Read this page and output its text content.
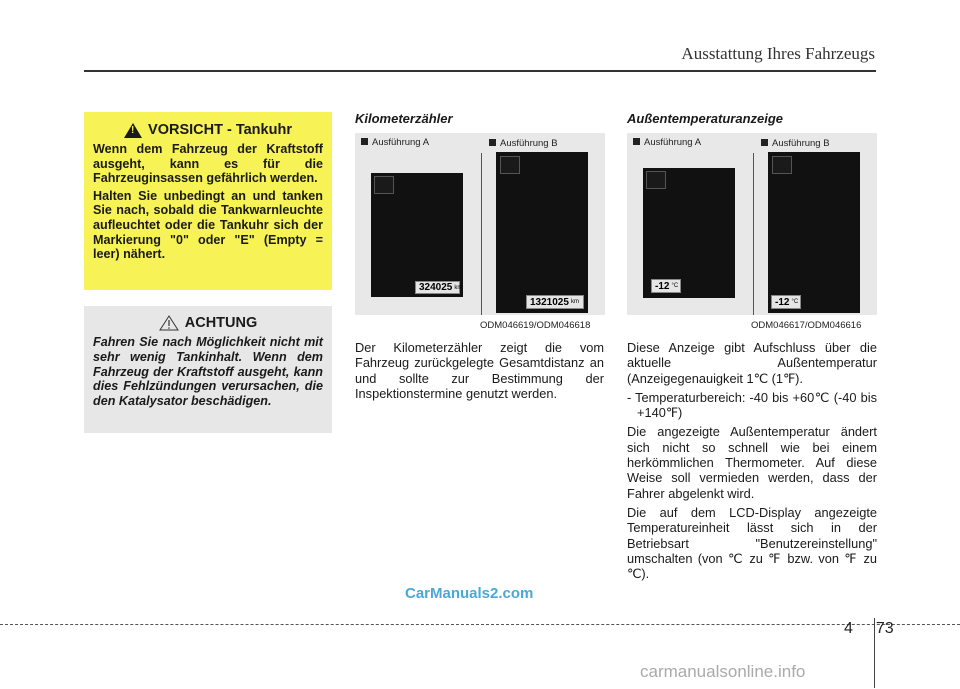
Ausstattung Ihres Fahrzeugs
! VORSICHT - Tankuhr

Wenn dem Fahrzeug der Kraftstoff ausgeht, kann es für die Fahrzeuginsassen gefährlich werden.

Halten Sie unbedingt an und tanken Sie nach, sobald die Tankwarnleuchte aufleuchtet oder die Tankuhr sich der Markierung "0" oder "E" (Empty = leer) nähert.

ACHTUNG

Fahren Sie nach Möglichkeit nicht mit sehr wenig Tankinhalt. Wenn dem Fahrzeug der Kraftstoff ausgeht, kann dies Fehlzündungen verursachen, die den Katalysator beschädigen.

Kilometerzähler
Ausführung A	Ausführung B
324025 km
1321025 km
ODM046619/ODM046618

Der Kilometerzähler zeigt die vom Fahrzeug zurückgelegte Gesamtdistanz an und sollte zur Bestimmung der Inspektionstermine genutzt werden.

Außentemperaturanzeige
Ausführung A	Ausführung B
-12 °C
-12 °C
ODM046617/ODM046616

Diese Anzeige gibt Aufschluss über die aktuelle Außentemperatur (Anzeigegenauigkeit 1℃ (1℉).

- Temperaturbereich: -40 bis +60℃ (-40 bis +140℉)

Die angezeigte Außentemperatur ändert sich nicht so schnell wie bei einem herkömmlichen Thermometer. Auf diese Weise soll vermieden werden, dass der Fahrer abgelenkt wird.

Die auf dem LCD-Display angezeigte Temperatureinheit lässt sich in der Betriebsart "Benutzereinstellung" umschalten (von ℃ zu ℉ bzw. von ℉ zu ℃).

CarManuals2.com
4 73
carmanualsonline.info
